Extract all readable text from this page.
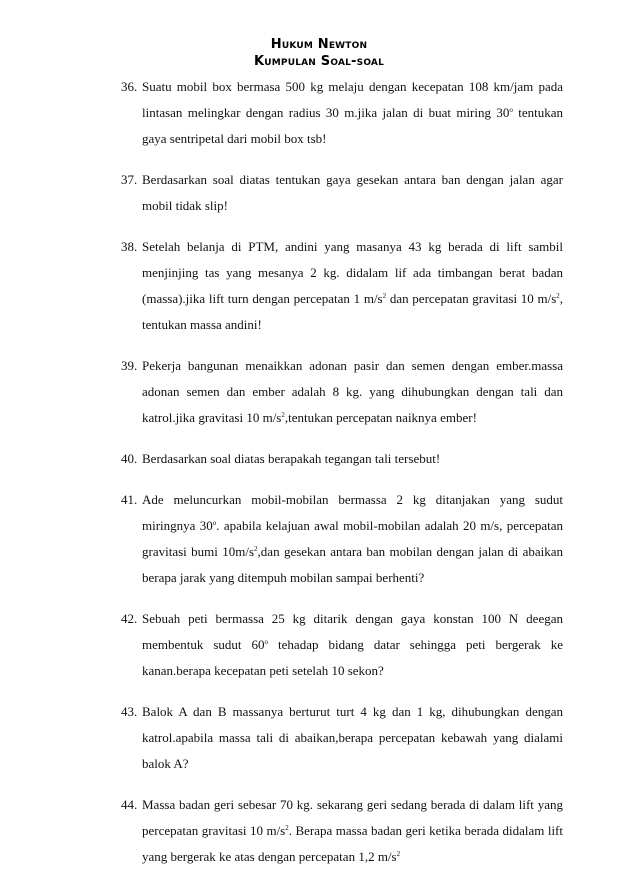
Hukum Newton
Kumpulan Soal-soal
36. Suatu mobil box bermasa 500 kg melaju dengan kecepatan 108 km/jam pada lintasan melingkar dengan radius 30 m.jika jalan di buat miring 30$^o$ tentukan gaya sentripetal dari mobil box tsb!
37. Berdasarkan soal diatas tentukan gaya gesekan antara ban dengan jalan agar mobil tidak slip!
38. Setelah belanja di PTM, andini yang masanya 43 kg berada di lift sambil menjinjing tas yang mesanya 2 kg. didalam lif ada timbangan berat badan (massa).jika lift turn dengan percepatan 1 $m/s^2$ dan percepatan gravitasi 10 $m/s^2$, tentukan massa andini!
39. Pekerja bangunan menaikkan adonan pasir dan semen dengan ember.massa adonan semen dan ember adalah 8 kg. yang dihubungkan dengan tali dan katrol.jika gravitasi 10 $m/s^2,tentukan$ percepatan naiknya ember!
40. Berdasarkan soal diatas berapakah tegangan tali tersebut!
41. Ade meluncurkan mobil-mobilan bermassa 2 kg ditanjakan yang sudut miringnya 30$^o$. apabila kelajuan awal mobil-mobilan adalah 20 m/s, percepatan gravitasi bumi $10m/s^2,dan$ gesekan antara ban mobilan dengan jalan di abaikan berapa jarak yang ditempuh mobilan sampai berhenti?
42. Sebuah peti bermassa 25 kg ditarik dengan gaya konstan 100 N deegan membentuk sudut 60$^o$ tehadap bidang datar sehingga peti bergerak ke kanan.berapa kecepatan peti setelah 10 sekon?
43. Balok A dan B massanya berturut turt 4 kg dan 1 kg, dihubungkan dengan katrol.apabila massa tali di abaikan,berapa percepatan kebawah yang dialami balok A?
44. Massa badan geri sebesar 70 kg. sekarang geri sedang berada di dalam lift yang percepatan gravitasi 10 $m/s^2$. Berapa massa badan geri ketika berada didalam lift yang bergerak ke atas dengan percepatan 1,2 $m/s^2$
